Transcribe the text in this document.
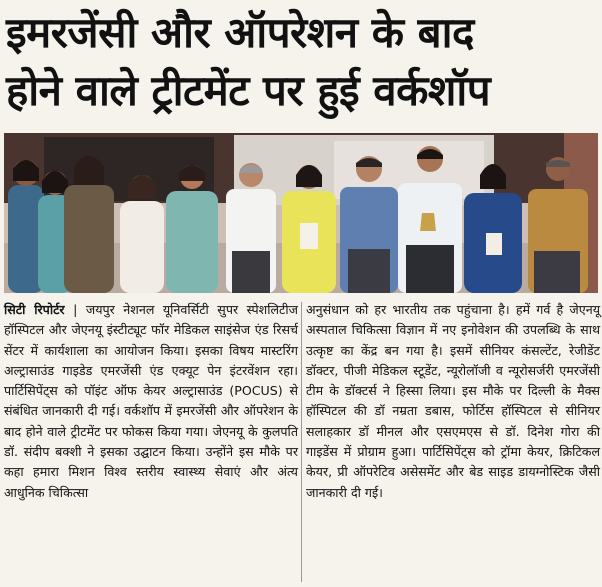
इमरजेंसी और ऑपरेशन के बाद
होने वाले ट्रीटमेंट पर हुई वर्कशॉप

सिटी रिपोर्टर | जयपुर नेशनल यूनिवर्सिटी सुपर स्पेशलिटीज हॉस्पिटल और जेएनयू इंस्टीट्यूट फॉर मेडिकल साइंसेज एंड रिसर्च सेंटर में कार्यशाला का आयोजन किया। इसका विषय मास्टरिंग अल्ट्रासाउंड गाइडेड एमरजेंसी एंड एक्यूट पेन इंटरवेंशन रहा। पार्टिसिपेंट्स को पॉइंट ऑफ केयर अल्ट्रासाउंड (POCUS) से संबंधित जानकारी दी गई। वर्कशॉप में इमरजेंसी और ऑपरेशन के बाद होने वाले ट्रीटमेंट पर फोकस किया गया। जेएनयू के कुलपति डॉ. संदीप बक्शी ने इसका उद्घाटन किया। उन्होंने इस मौके पर कहा हमारा मिशन विश्व स्तरीय स्वास्थ्य सेवाएं और अंत्य आधुनिक चिकित्सा

अनुसंधान को हर भारतीय तक पहुंचाना है। हमें गर्व है जेएनयू अस्पताल चिकित्सा विज्ञान में नए इनोवेशन की उपलब्धि के साथ उत्कृष्ट का केंद्र बन गया है। इसमें सीनियर कंसल्टेंट, रेजीडेंट डॉक्टर, पीजी मेडिकल स्टूडेंट, न्यूरोलॉजी व न्यूरोसर्जरी एमरजेंसी टीम के डॉक्टर्स ने हिस्सा लिया। इस मौके पर दिल्ली के मैक्स हॉस्पिटल की डॉ नम्रता डबास, फोर्टिस हॉस्पिटल से सीनियर सलाहकार डॉ मीनल और एसएमएस से डॉ. दिनेश गोरा की गाइडेंस में प्रोग्राम हुआ। पार्टिसिपेंट्स को ट्रॉमा केयर, क्रिटिकल केयर, प्री ऑपरेटिव असेसमेंट और बेड साइड डायग्नोस्टिक जैसी जानकारी दी गई।
